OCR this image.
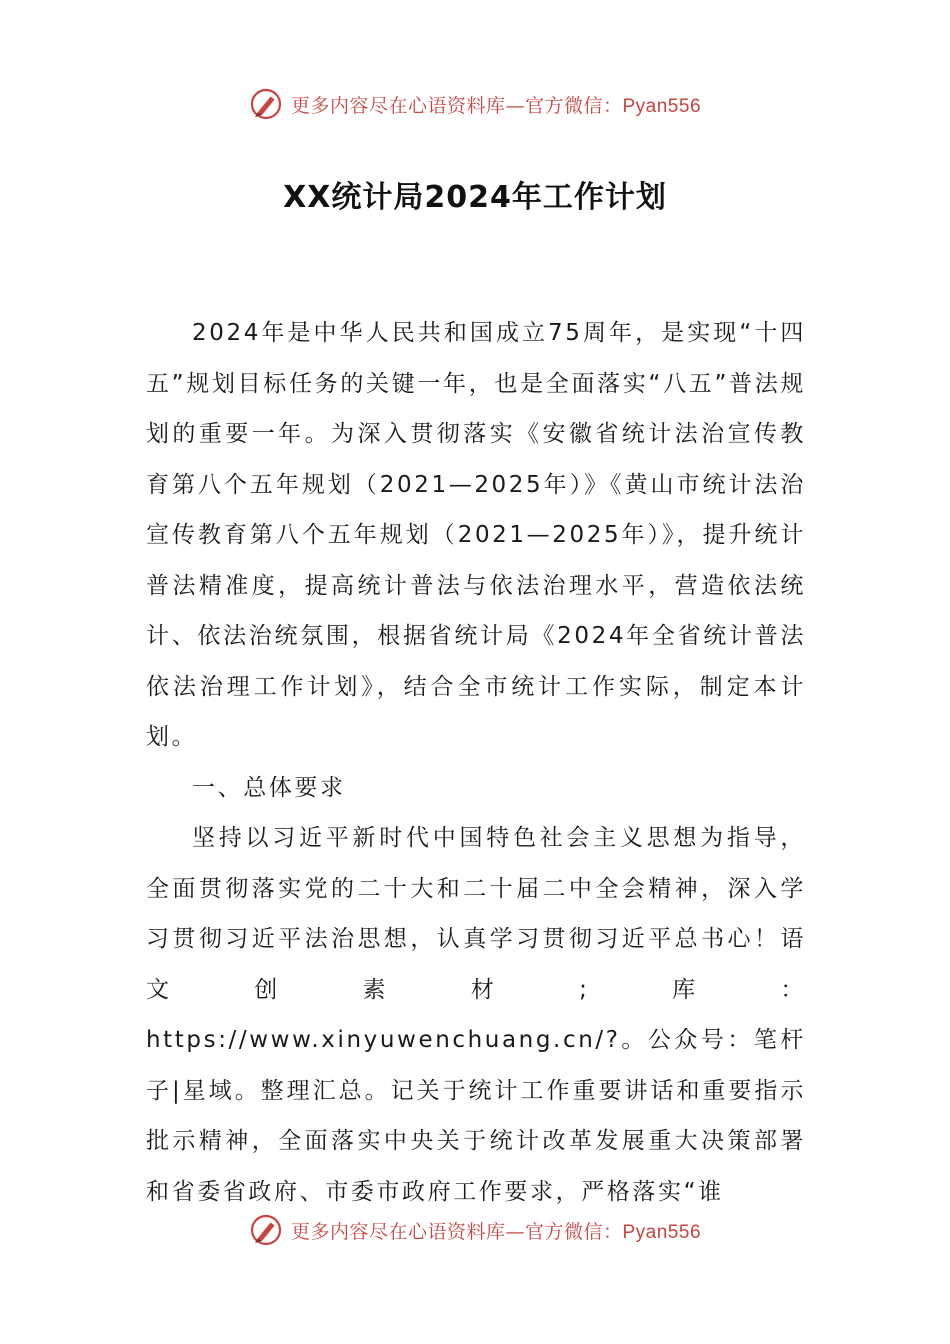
更多内容尽在心语资料库—官方微信：Pyan556
XX统计局2024年工作计划

2024年是中华人民共和国成立75周年，是实现“十四五”规划目标任务的关键一年，也是全面落实“八五”普法规划的重要一年。为深入贯彻落实《安徽省统计法治宣传教育第八个五年规划（2021—2025年）》《黄山市统计法治宣传教育第八个五年规划（2021—2025年）》，提升统计普法精准度，提高统计普法与依法治理水平，营造依法统计、依法治统氛围，根据省统计局《2024年全省统计普法依法治理工作计划》，结合全市统计工作实际，制定本计划。

一、总体要求

坚持以习近平新时代中国特色社会主义思想为指导，全面贯彻落实党的二十大和二十届二中全会精神，深入学习贯彻习近平法治思想，认真学习贯彻习近平总书心！语文创素材;库：https://www.xinyuwenchuang.cn/?。公众号：笔杆子|星域。整理汇总。记关于统计工作重要讲话和重要指示批示精神，全面落实中央关于统计改革发展重大决策部署和省委省政府、市委市政府工作要求，严格落实“谁

更多内容尽在心语资料库—官方微信：Pyan556
